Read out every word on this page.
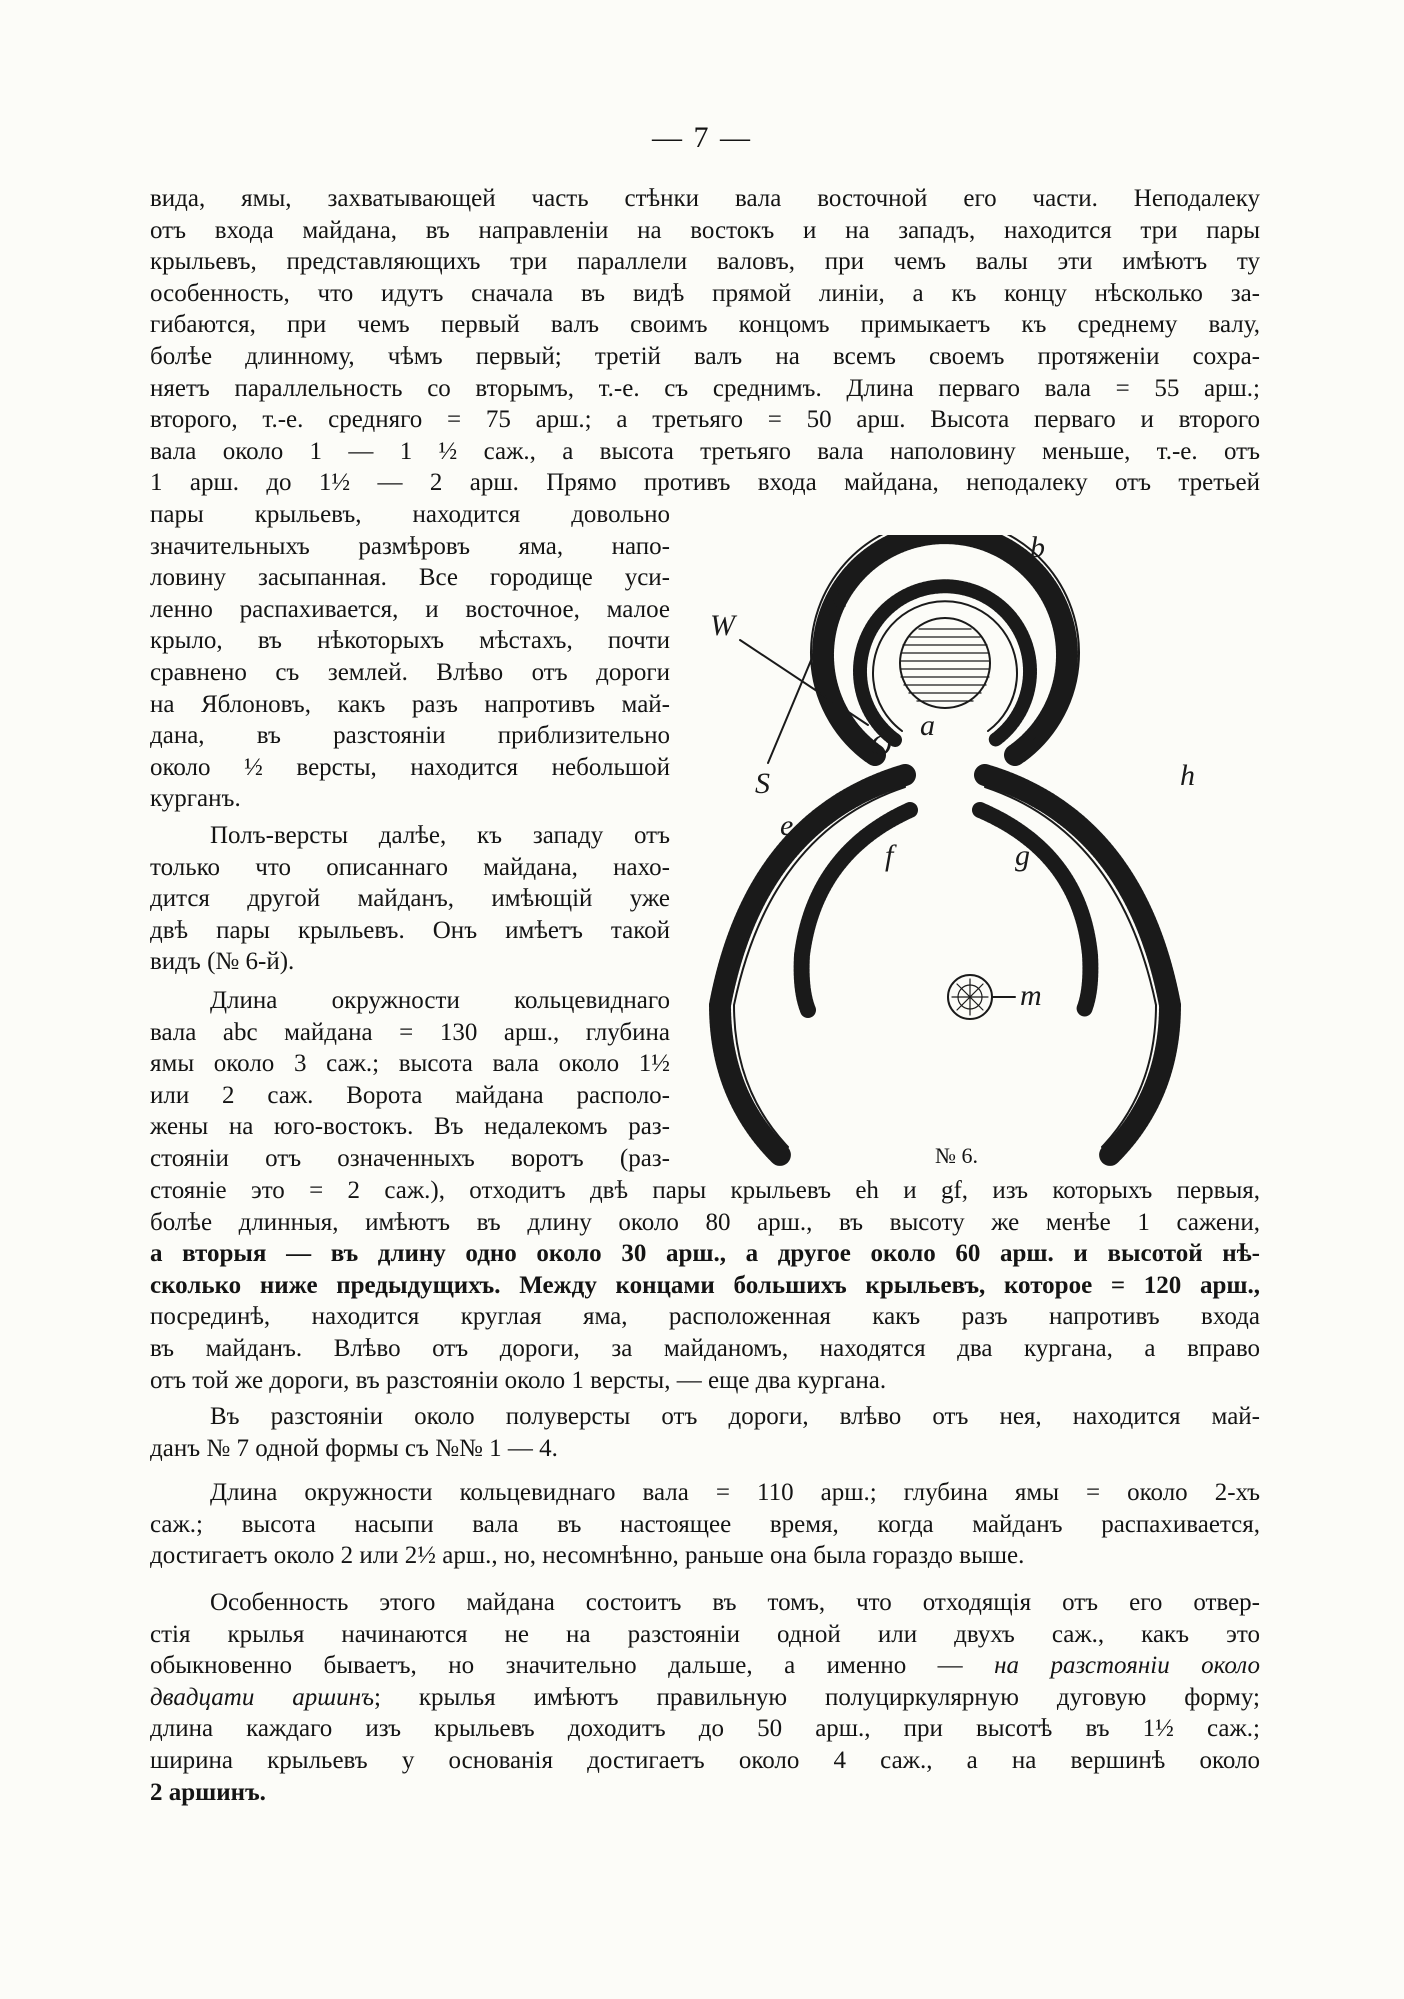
— 7 —
вида, ямы, захватывающей часть стѣнки вала восточной его части. Неподалеку
отъ входа майдана, въ направленіи на востокъ и на западъ, находится три пары
крыльевъ, представляющихъ три параллели валовъ, при чемъ валы эти имѣютъ ту
особенность, что идутъ сначала въ видѣ прямой линіи, а къ концу нѣсколько за-
гибаются, при чемъ первый валъ своимъ концомъ примыкаетъ къ среднему валу,
болѣе длинному, чѣмъ первый; третій валъ на всемъ своемъ протяженіи сохра-
няетъ параллельность со вторымъ, т.-е. съ среднимъ. Длина перваго вала = 55 арш.;
второго, т.-е. средняго = 75 арш.; а третьяго = 50 арш. Высота перваго и второго
вала около 1 — 1 ½ саж., а высота третьяго вала наполовину меньше, т.-е. отъ
1 арш. до 1½ — 2 арш. Прямо противъ входа майдана, неподалеку отъ третьей
пары крыльевъ, находится довольно
значительныхъ размѣровъ яма, напо-
ловину засыпанная. Все городище уси-
ленно распахивается, и восточное, малое
крыло, въ нѣкоторыхъ мѣстахъ, почти
сравнено съ землей. Влѣво отъ дороги
на Яблоновъ, какъ разъ напротивъ май-
дана, въ разстояніи приблизительно
около ½ версты, находится небольшой
курганъ.
Полъ-версты далѣе, къ западу отъ
только что описаннаго майдана, нахо-
дится другой майданъ, имѣющій уже
двѣ пары крыльевъ. Онъ имѣетъ такой
видъ (№ 6-й).
Длина окружности кольцевиднаго
вала abc майдана = 130 арш., глубина
ямы около 3 саж.; высота вала около 1½
или 2 саж. Ворота майдана располо-
жены на юго-востокъ. Въ недалекомъ раз-
стояніи отъ означенныхъ воротъ (раз-
стояніе это = 2 саж.), отходитъ двѣ пары крыльевъ eh и gf, изъ которыхъ первыя,
болѣе длинныя, имѣютъ въ длину около 80 арш., въ высоту же менѣе 1 сажени,
а вторыя — въ длину одно около 30 арш., а другое около 60 арш. и высотой нѣ-
сколько ниже предыдущихъ. Между концами большихъ крыльевъ, которое = 120 арш.,
посрединѣ, находится круглая яма, расположенная какъ разъ напротивъ входа
въ майданъ. Влѣво отъ дороги, за майданомъ, находятся два кургана, а вправо
отъ той же дороги, въ разстояніи около 1 версты, — еще два кургана.
Въ разстояніи около полуверсты отъ дороги, влѣво отъ нея, находится май-
данъ № 7 одной формы съ №№ 1 — 4.
Длина окружности кольцевиднаго вала = 110 арш.; глубина ямы = около 2-хъ
саж.; высота насыпи вала въ настоящее время, когда майданъ распахивается,
достигаетъ около 2 или 2½ арш., но, несомнѣнно, раньше она была гораздо выше.
Особенность этого майдана состоитъ въ томъ, что отходящія отъ его отвер-
стія крылья начинаются не на разстояніи одной или двухъ саж., какъ это
обыкновенно бываетъ, но значительно дальше, а именно — на разстояніи около
двадцати аршинъ; крылья имѣютъ правильную полуциркулярную дуговую форму;
длина каждаго изъ крыльевъ доходитъ до 50 арш., при высотѣ въ 1½ саж.;
ширина крыльевъ у основанія достигаетъ около 4 саж., а на вершинѣ около
2 аршинъ.
b
N
W
S
O
a	c
h
e
f	g
m
№ 6.
